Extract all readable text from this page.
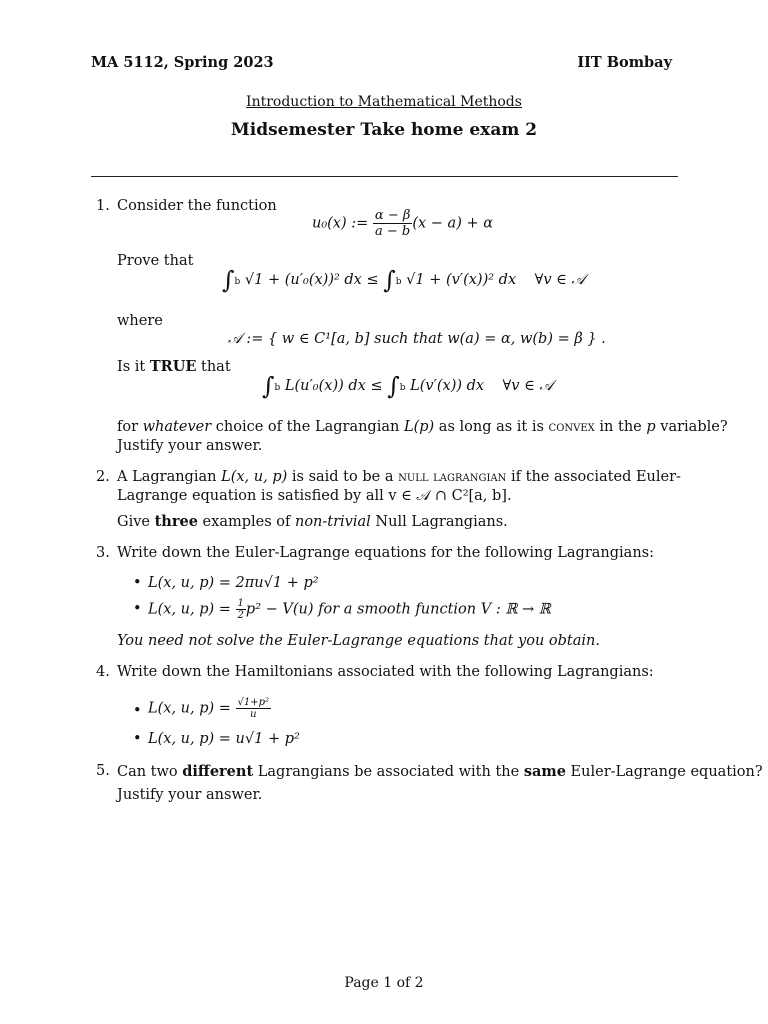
MA 5112, Spring 2023	IIT Bombay
Introduction to Mathematical Methods
Midsemester Take home exam 2
1. Consider the function
u₀(x) := $\frac{\alpha - \beta}{a - b} (x - a) + \alpha$
Prove that
∫b √1 + (u′₀(x))² dx ≤ ∫b √1 + (v′(x))² dx ∀v ∈ 𝒜
where
𝒜 := { w ∈ C¹[a, b] such that w(a) = α, w(b) = β } .
Is it TRUE that
∫b L(u′₀(x)) dx ≤ ∫b L(v′(x)) dx ∀v ∈ 𝒜
for whatever choice of the Lagrangian L(p) as long as it is convex in the p variable?
Justify your answer.
2. A Lagrangian L(x, u, p) is said to be a null lagrangian if the associated Euler-
Lagrange equation is satisfied by all v ∈ 𝒜 ∩ C²[a, b].
Give three examples of non-trivial Null Lagrangians.
3. Write down the Euler-Lagrange equations for the following Lagrangians:
• L(x, u, p) = 2πu√1 + p²
• L(x, u, $p) = \frac{1}{2} p^2 - V(u)$ for a smooth function V : ℝ → ℝ
You need not solve the Euler-Lagrange equations that you obtain.
4. Write down the Hamiltonians associated with the following Lagrangians:
• L(x, u, $p) = \frac{\text{√1+p²}}{u}$
• L(x, u, p) = u√1 + p²
5. Can two different Lagrangians be associated with the same Euler-Lagrange equation?
Justify your answer.
Page 1 of 2
